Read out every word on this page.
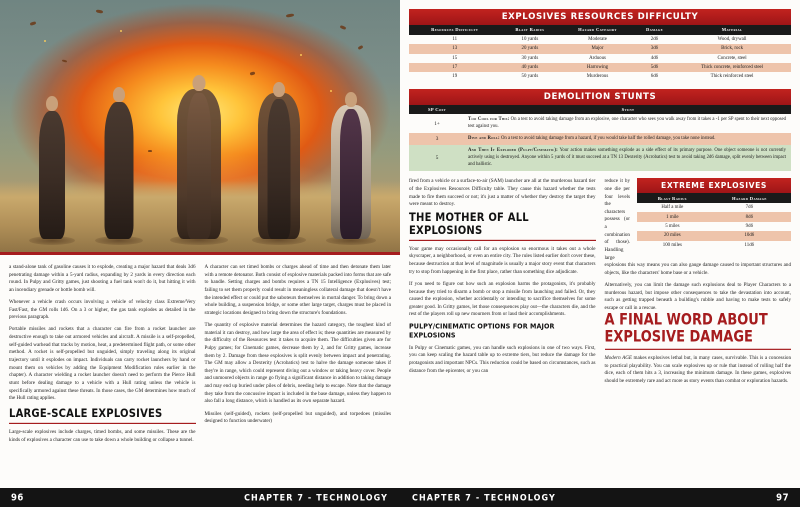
a stand-alone tank of gasoline causes it to explode, creating a major hazard that deals 3d6 penetrating damage within a 5-yard radius, expanding by 2 yards in every direction each round. In Pulpy and Gritty games, just shooting a fuel tank won't do it, but hitting it with an incendiary grenade or bottle bomb will.

Whenever a vehicle crash occurs involving a vehicle of velocity class Extreme/Very Fast/Fast, the GM rolls 1d6. On a 3 or higher, the gas tank explodes as detailed in the previous paragraph.

Portable missiles and rockets that a character can fire from a rocket launcher are destructive enough to take out armored vehicles and aircraft. A missile is a self-propelled, self-guided warhead that tracks by motion, heat, a predetermined flight path, or some other method. A rocket is self-propelled but unguided, simply traveling along its original trajectory until it explodes on impact. Individuals can carry rocket launchers by hand or mount them on vehicles by adding the Equipment Modification rules earlier in the chapter). A character wielding a rocket launcher doesn't need to perform the Pierce Hull stunt before dealing damage to a vehicle with a Hull rating unless the vehicle is specifically armored against these threats. In those cases, the GM determines how much of the Hull rating applies.

LARGE-SCALE EXPLOSIVES

Large-scale explosives include charges, timed bombs, and some missiles. These are the kinds of explosives a character can use to take down a whole building or collapse a tunnel.

A character can set timed bombs or charges ahead of time and then detonate them later with a remote detonator. Both consist of explosive materials packed into forms that are safe to handle. Setting charges and bombs requires a TN 15 Intelligence (Explosives) test; failing to set them properly could result in meaningless collateral damage that doesn't have the intended effect or could put the saboteurs themselves in mortal danger. To bring down a whole building, a suspension bridge, or some other large target, charges must be placed in strategic locations designed to bring down the structure's foundations.

The quantity of explosive material determines the hazard category, the toughest kind of material it can destroy, and how large the area of effect is; these quantities are measured by the difficulty of the Resources test it takes to acquire them. The difficulties given are for Pulpy games; for Cinematic games, decrease them by 2, and for Gritty games, increase them by 2. Damage from these explosives is split evenly between impact and penetrating. The GM may allow a Dexterity (Acrobatics) test to halve the damage someone takes if they're in range, which could represent diving out a window or taking heavy cover. People and unmoored objects in range go flying a significant distance in addition to taking damage and may end up buried under piles of debris, needing help to escape. Note that the damage they take from the concussive impact is included in the base damage, unless they happen to also fall a long distance, which is handled as its own separate hazard.

Missiles (self-guided), rockets (self-propelled but unguided), and torpedoes (missiles designed to function underwater)

96	CHAPTER 7 - TECHNOLOGY
EXPLOSIVES RESOURCES DIFFICULTY				
Resources Difficulty	Blast Radius	Hazard Category	Damage	Material
11	10 yards	Moderate	2d6	Wood, drywall
13	20 yards	Major	3d6	Brick, rock
15	30 yards	Arduous	4d6	Concrete, steel
17	40 yards	Harrowing	5d6	Thick concrete, reinforced steel
19	50 yards	Murderous	6d6	Thick reinforced steel
DEMOLITION STUNTS	
SP Cost	Stunt
1+	Too Cool for This: On a test to avoid taking damage from an explosive, one character who sees you walk away from it takes a -1 per SP spent to their next opposed test against you.
3	Dive and Roll: On a test to avoid taking damage from a hazard, if you would take half the rolled damage, you take none instead.
5	And Then It Exploded (Pulpy/Cinematic): Your action makes something explode as a side effect of its primary purpose. One object someone is not currently actively using is destroyed. Anyone within 5 yards of it must succeed at a TN 13 Dexterity (Acrobatics) test to avoid taking 2d6 damage, split evenly between impact and ballistic.

fired from a vehicle or a surface-to-air (SAM) launcher are all at the murderous hazard tier of the Explosives Resources Difficulty table. They cause this hazard whether the tests made to fire them succeed or not; it's just a matter of whether they destroy the target they were meant to destroy.

THE MOTHER OF ALL EXPLOSIONS

Your game may occasionally call for an explosion so enormous it takes out a whole skyscraper, a neighborhood, or even an entire city. The rules listed earlier don't cover these, because destruction at that level of magnitude is usually a major story event that characters try to stop from happening in the first place, rather than something dice adjudicate.

If you need to figure out how such an explosion harms the protagonists, it's probably because they tried to disarm a bomb or stop a missile from launching and failed. Or, they caused the explosion, whether accidentally or intending to sacrifice themselves for some greater good. In Gritty games, let those consequences play out—the characters die, and the rest of the players roll up new mourners from or laud their accomplishments.

PULPY/CINEMATIC OPTIONS FOR MAJOR EXPLOSIONS

In Pulpy or Cinematic games, you can handle such explosions in one of two ways. First, you can keep scaling the hazard table up to extreme tiers, but reduce the damage for the protagonists and important NPCs. This reduction could be based on circumstances, such as distance from the epicenter, or you can

EXTREME EXPLOSIVES	
Blast Radius	Hazard Damage
Half a mile	7d6
1 mile	8d6
5 miles	9d6
20 miles	10d6
100 miles	11d6

reduce it by one die per four levels the characters possess (or a combination of those). Handling large explosions this way means you can also gauge damage caused to important structures and objects, like the characters' home base or a vehicle.

Alternatively, you can limit the damage such explosions deal to Player Characters to a murderous hazard, but impose other consequences to take the devastation into account, such as getting trapped beneath a building's rubble and having to make tests to safely escape or call in a rescue.

A FINAL WORD ABOUT EXPLOSIVE DAMAGE

Modern AGE makes explosives lethal but, in many cases, survivable. This is a concession to practical playability. You can scale explosives up or rule that instead of rolling half the dice, each of them hits a 3, increasing the minimum damage. In these games, explosives should be extremely rare and act more as story events than combat or exploration hazards.

CHAPTER 7 - TECHNOLOGY	97
